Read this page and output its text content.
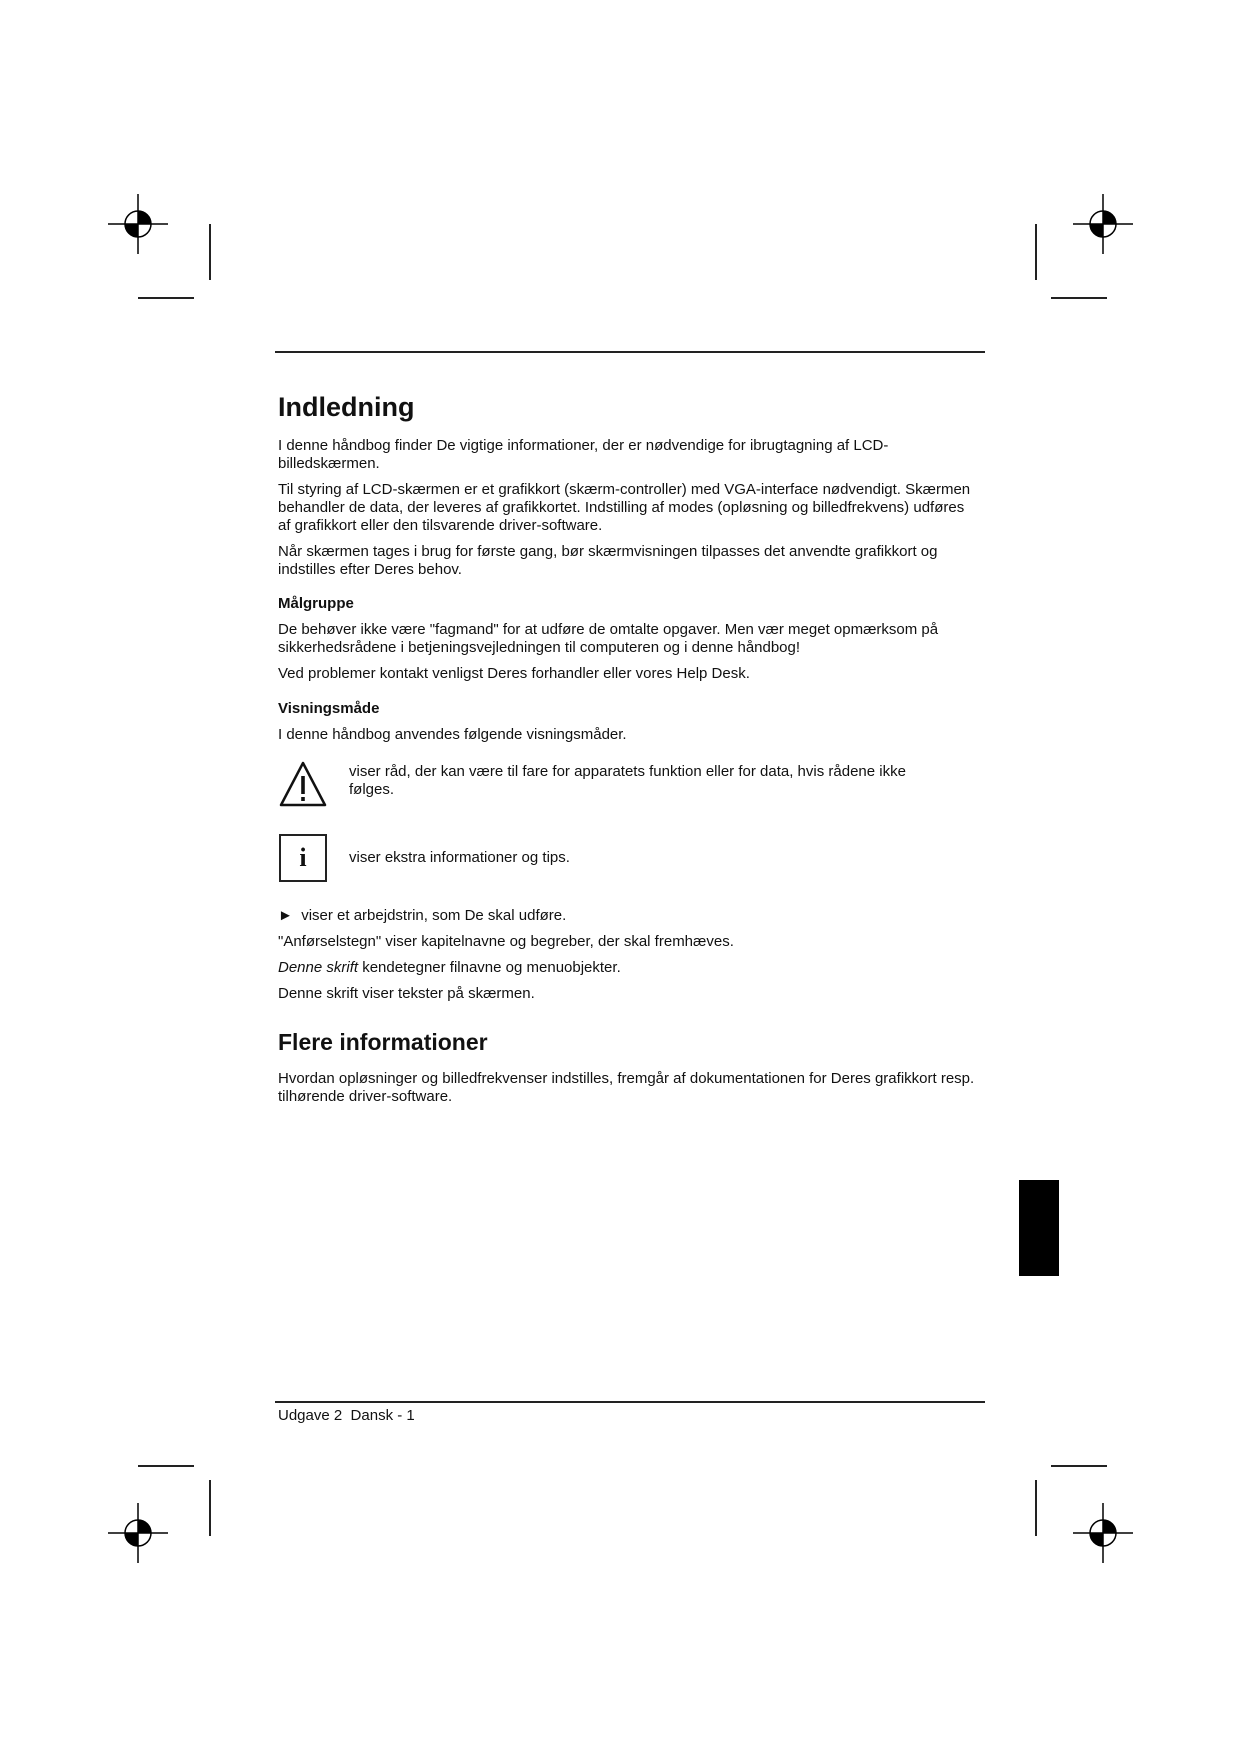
Indledning

I denne håndbog finder De vigtige informationer, der er nødvendige for ibrugtagning af LCD-billedskærmen.

Til styring af LCD-skærmen er et grafikkort (skærm-controller) med VGA-interface nødvendigt. Skærmen behandler de data, der leveres af grafikkortet. Indstilling af modes (opløsning og billedfrekvens) udføres af grafikkort eller den tilsvarende driver-software.

Når skærmen tages i brug for første gang, bør skærmvisningen tilpasses det anvendte grafikkort og indstilles efter Deres behov.

Målgruppe

De behøver ikke være "fagmand" for at udføre de omtalte opgaver. Men vær meget opmærksom på sikkerhedsrådene i betjeningsvejledningen til computeren og i denne håndbog!

Ved problemer kontakt venligst Deres forhandler eller vores Help Desk.

Visningsmåde

I denne håndbog anvendes følgende visningsmåder.

viser råd, der kan være til fare for apparatets funktion eller for data, hvis rådene ikke følges.
i	viser ekstra informationer og tips.

► viser et arbejdstrin, som De skal udføre.

"Anførselstegn" viser kapitelnavne og begreber, der skal fremhæves.

Denne skrift kendetegner filnavne og menuobjekter.

Denne skrift viser tekster på skærmen.

Flere informationer

Hvordan opløsninger og billedfrekvenser indstilles, fremgår af dokumentationen for Deres grafikkort resp. tilhørende driver-software.

Udgave 2  Dansk - 1
